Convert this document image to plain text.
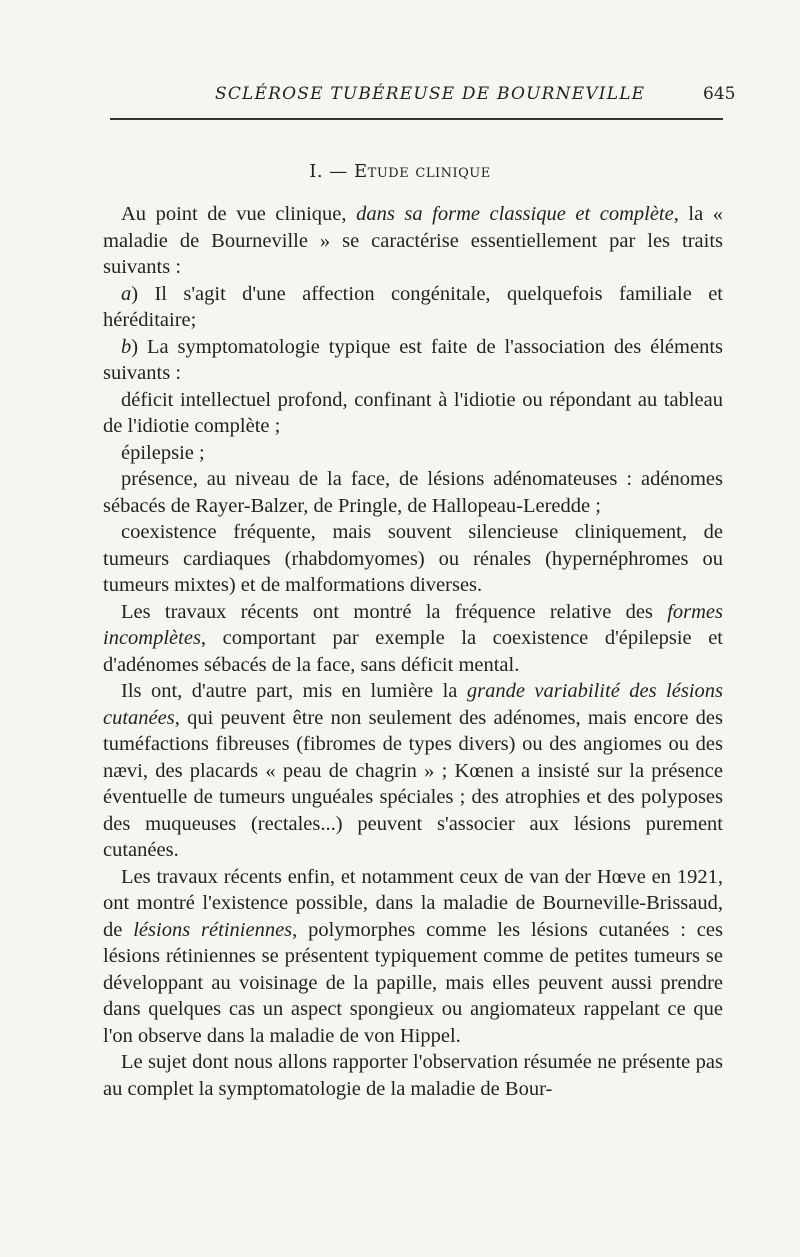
SCLÉROSE TUBÉREUSE DE BOURNEVILLE	645
I. — Etude clinique

Au point de vue clinique, dans sa forme classique et complète, la « maladie de Bourneville » se caractérise essentiellement par les traits suivants :

a) Il s'agit d'une affection congénitale, quelquefois familiale et héréditaire;

b) La symptomatologie typique est faite de l'association des éléments suivants :

déficit intellectuel profond, confinant à l'idiotie ou répondant au tableau de l'idiotie complète ;

épilepsie ;

présence, au niveau de la face, de lésions adénomateuses : adénomes sébacés de Rayer-Balzer, de Pringle, de Hallopeau-Leredde ;

coexistence fréquente, mais souvent silencieuse cliniquement, de tumeurs cardiaques (rhabdomyomes) ou rénales (hypernéphromes ou tumeurs mixtes) et de malformations diverses.

Les travaux récents ont montré la fréquence relative des formes incomplètes, comportant par exemple la coexistence d'épilepsie et d'adénomes sébacés de la face, sans déficit mental.

Ils ont, d'autre part, mis en lumière la grande variabilité des lésions cutanées, qui peuvent être non seulement des adénomes, mais encore des tuméfactions fibreuses (fibromes de types divers) ou des angiomes ou des nævi, des placards « peau de chagrin » ; Kœnen a insisté sur la présence éventuelle de tumeurs unguéales spéciales ; des atrophies et des polyposes des muqueuses (rectales...) peuvent s'associer aux lésions purement cutanées.

Les travaux récents enfin, et notamment ceux de van der Hœve en 1921, ont montré l'existence possible, dans la maladie de Bourneville-Brissaud, de lésions rétiniennes, polymorphes comme les lésions cutanées : ces lésions rétiniennes se présentent typiquement comme de petites tumeurs se développant au voisinage de la papille, mais elles peuvent aussi prendre dans quelques cas un aspect spongieux ou angiomateux rappelant ce que l'on observe dans la maladie de von Hippel.

Le sujet dont nous allons rapporter l'observation résumée ne présente pas au complet la symptomatologie de la maladie de Bour-
